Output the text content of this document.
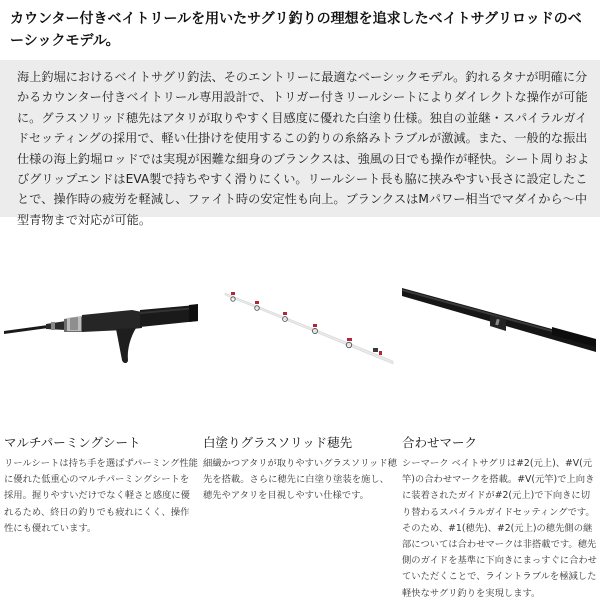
カウンター付きベイトリールを用いたサグリ釣りの理想を追求したベイトサグリロッドのベーシックモデル。
海上釣堀におけるベイトサグリ釣法、そのエントリーに最適なベーシックモデル。釣れるタナが明確に分かるカウンター付きベイトリール専用設計で、トリガー付きリールシートによりダイレクトな操作が可能に。グラスソリッド穂先はアタリが取りやすく目感度に優れた白塗り仕様。独自の並継・スパイラルガイドセッティングの採用で、軽い仕掛けを使用するこの釣りの糸絡みトラブルが激減。また、一般的な振出仕様の海上釣堀ロッドでは実現が困難な細身のブランクスは、強風の日でも操作が軽快。シート周りおよびグリップエンドはEVA製で持ちやすく滑りにくい。リールシート長も脇に挟みやすい長さに設定したことで、操作時の疲労を軽減し、ファイト時の安定性も向上。ブランクスはMパワー相当でマダイから～中型青物まで対応が可能。
マルチパーミングシート
リールシートは持ち手を選ばずパーミング性能に優れた低重心のマルチパーミングシートを採用。握りやすいだけでなく軽さと感度に優れるため、終日の釣りでも疲れにくく、操作性にも優れています。
白塗りグラスソリッド穂先
細繊かつアタリが取りやすいグラスソリッド穂先を搭載。さらに穂先に白塗り塗装を施し、穂先やアタリを目視しやすい仕様です。
合わせマーク
シーマーク ベイトサグリは#2(元上)、#V(元竿)の合わせマークを搭載。#V(元竿)で上向きに装着されたガイドが#2(元上)で下向きに切り替わるスパイラルガイドセッティングです。そのため、#1(穂先)、#2(元上)の穂先側の継部については合わせマークは非搭載です。穂先側のガイドを基準に下向きにまっすぐに合わせていただくことで、ライントラブルを極減した軽快なサグリ釣りを実現します。
